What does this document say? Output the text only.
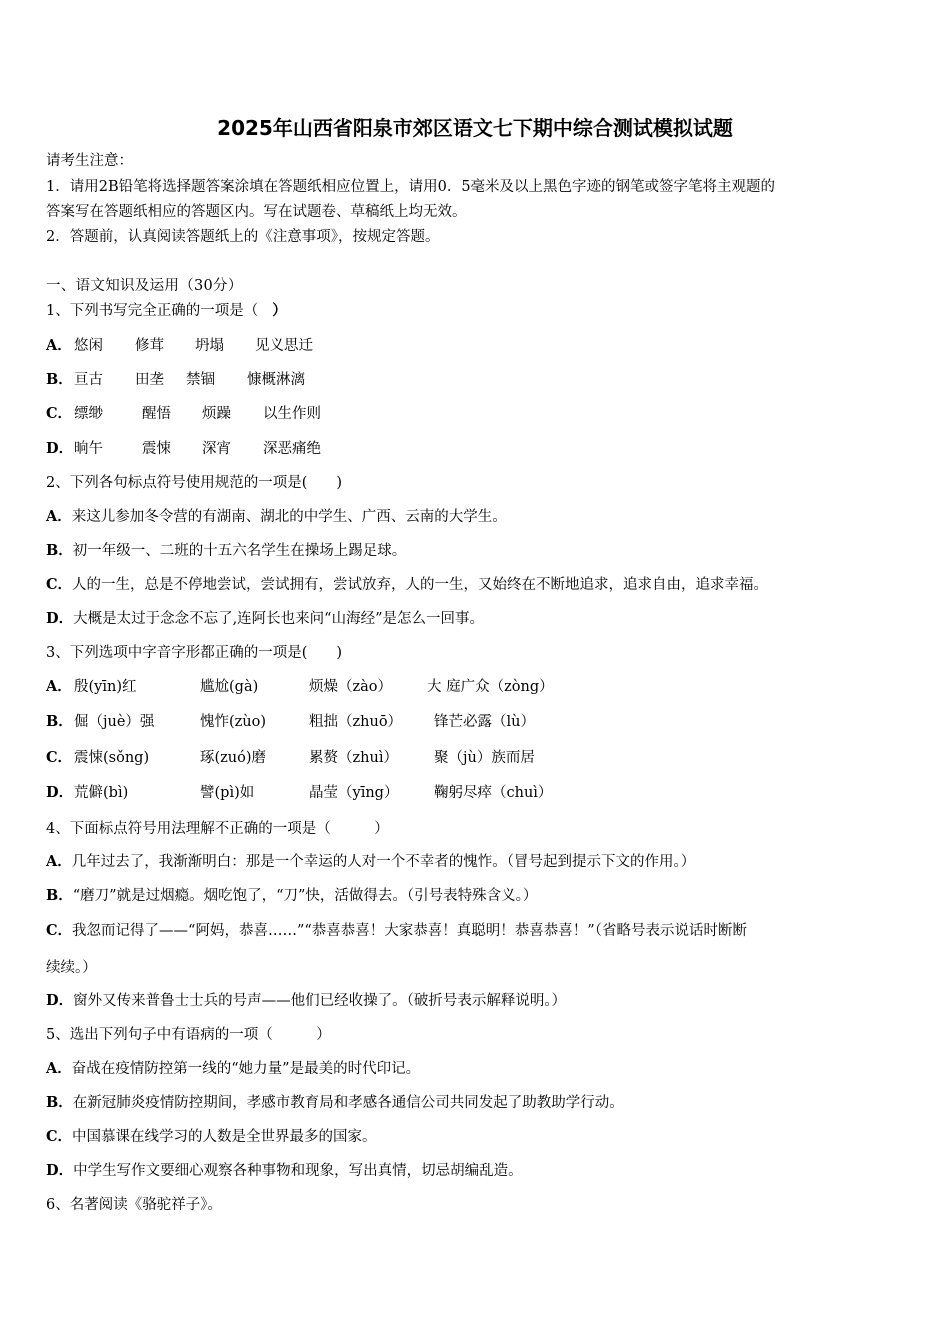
2025年山西省阳泉市郊区语文七下期中综合测试模拟试题
请考生注意：
1．请用2B铅笔将选择题答案涂填在答题纸相应位置上，请用0．5毫米及以上黑色字迹的钢笔或签字笔将主观题的
答案写在答题纸相应的答题区内。写在试题卷、草稿纸上均无效。
2．答题前，认真阅读答题纸上的《注意事项》，按规定答题。
一、语文知识及运用（30分）
1、下列书写完全正确的一项是（ ）
A． 悠闲 修茸 坍塌 见义思迁
B． 亘古 田垄 禁锢 慷概淋漓
C． 缥缈	醒悟 烦躁 以生作则
D． 晌午	震悚 深宵 深恶痛绝
2、下列各句标点符号使用规范的一项是(　　)
A．来这儿参加冬令营的有湖南、湖北的中学生、广西、云南的大学生。
B．初一年级一、二班的十五六名学生在操场上踢足球。
C．人的一生，总是不停地尝试，尝试拥有，尝试放弃，人的一生，又始终在不断地追求，追求自由，追求幸福。
D．大概是太过于念念不忘了,连阿长也来问“山海经”是怎么一回事。
3、下列选项中字音字形都正确的一项是(　　)
A． 殷(yīn)红	尴尬(gà)	烦燥（zào） 大 庭广众（zòng）
B． 倔（juè）强	愧怍(zùo)	粗拙（zhuō） 锋芒必露（lù）
C． 震悚(sǒng)	琢(zuó)磨	累赘（zhuì） 聚（jù）族而居
D． 荒僻(bì)	譬(pì)如	晶莹（yīng） 鞠躬尽瘁（chuì）
4、下面标点符号用法理解不正确的一项是（　　　）
A．几年过去了，我渐渐明白：那是一个幸运的人对一个不幸者的愧怍。（冒号起到提示下文的作用。）
B．“磨刀”就是过烟瘾。烟吃饱了，“刀”快，活做得去。（引号表特殊含义。）
C．我忽而记得了——“阿妈，恭喜……”“恭喜恭喜！大家恭喜！真聪明！恭喜恭喜！”（省略号表示说话时断断
续续。）
D．窗外又传来普鲁士士兵的号声——他们已经收操了。（破折号表示解释说明。）
5、选出下列句子中有语病的一项（　　　）
A．奋战在疫情防控第一线的“她力量”是最美的时代印记。
B．在新冠肺炎疫情防控期间，孝感市教育局和孝感各通信公司共同发起了助教助学行动。
C．中国慕课在线学习的人数是全世界最多的国家。
D．中学生写作文要细心观察各种事物和现象，写出真情，切忌胡编乱造。
6、名著阅读《骆驼祥子》。
